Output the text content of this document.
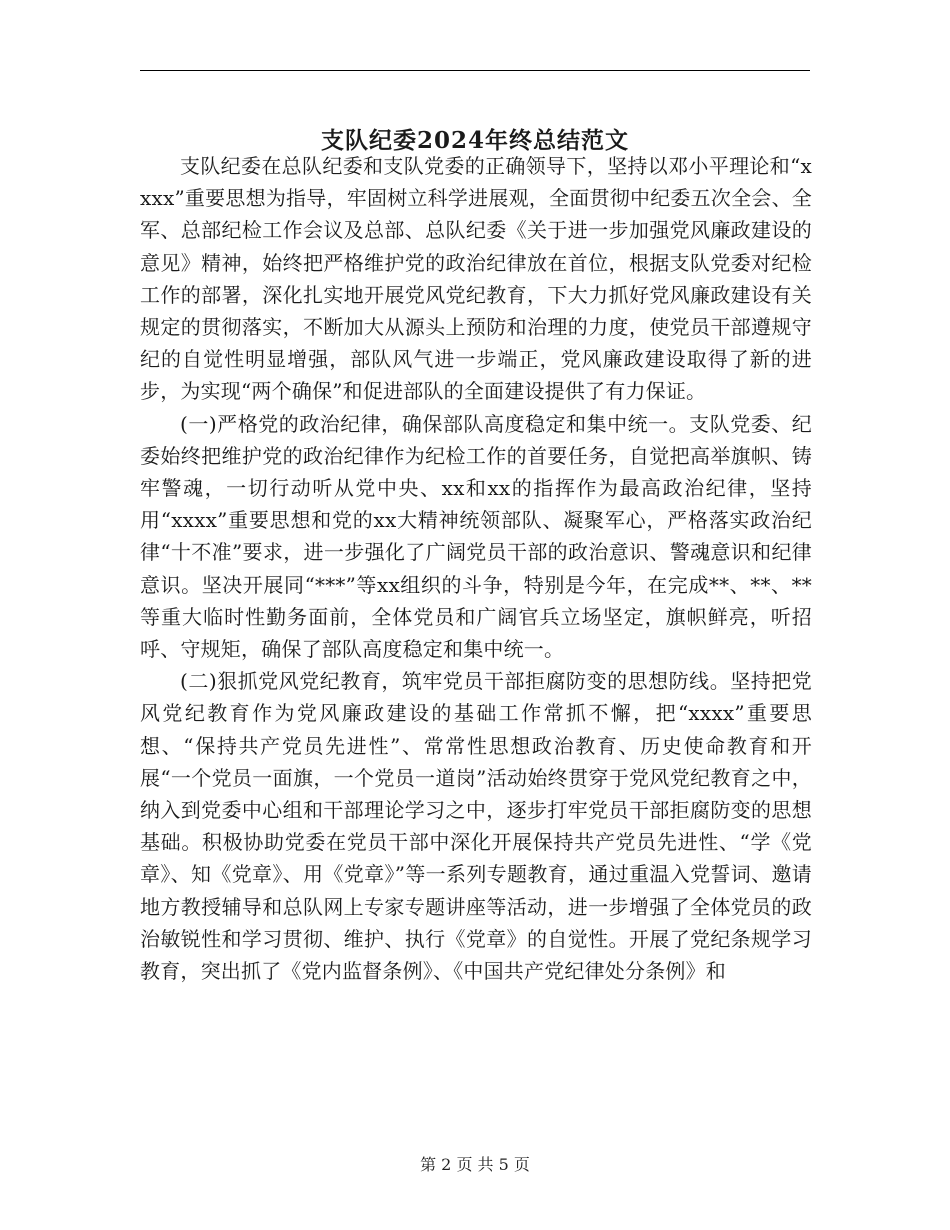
支队纪委2024年终总结范文

支队纪委在总队纪委和支队党委的正确领导下，坚持以邓小平理论和“xxxx”重要思想为指导，牢固树立科学进展观，全面贯彻中纪委五次全会、全军、总部纪检工作会议及总部、总队纪委《关于进一步加强党风廉政建设的意见》精神，始终把严格维护党的政治纪律放在首位，根据支队党委对纪检工作的部署，深化扎实地开展党风党纪教育，下大力抓好党风廉政建设有关规定的贯彻落实，不断加大从源头上预防和治理的力度，使党员干部遵规守纪的自觉性明显增强，部队风气进一步端正，党风廉政建设取得了新的进步，为实现“两个确保”和促进部队的全面建设提供了有力保证。

(一)严格党的政治纪律，确保部队高度稳定和集中统一。支队党委、纪委始终把维护党的政治纪律作为纪检工作的首要任务，自觉把高举旗帜、铸牢警魂，一切行动听从党中央、xx和xx的指挥作为最高政治纪律，坚持用“xxxx”重要思想和党的xx大精神统领部队、凝聚军心，严格落实政治纪律“十不准”要求，进一步强化了广阔党员干部的政治意识、警魂意识和纪律意识。坚决开展同“***”等xx组织的斗争，特别是今年，在完成**、**、**等重大临时性勤务面前，全体党员和广阔官兵立场坚定，旗帜鲜亮，听招呼、守规矩，确保了部队高度稳定和集中统一。

(二)狠抓党风党纪教育，筑牢党员干部拒腐防变的思想防线。坚持把党风党纪教育作为党风廉政建设的基础工作常抓不懈，把“xxxx”重要思想、“保持共产党员先进性”、常常性思想政治教育、历史使命教育和开展“一个党员一面旗，一个党员一道岗”活动始终贯穿于党风党纪教育之中，纳入到党委中心组和干部理论学习之中，逐步打牢党员干部拒腐防变的思想基础。积极协助党委在党员干部中深化开展保持共产党员先进性、“学《党章》、知《党章》、用《党章》”等一系列专题教育，通过重温入党誓词、邀请地方教授辅导和总队网上专家专题讲座等活动，进一步增强了全体党员的政治敏锐性和学习贯彻、维护、执行《党章》的自觉性。开展了党纪条规学习教育，突出抓了《党内监督条例》、《中国共产党纪律处分条例》和

第 2 页 共 5 页
